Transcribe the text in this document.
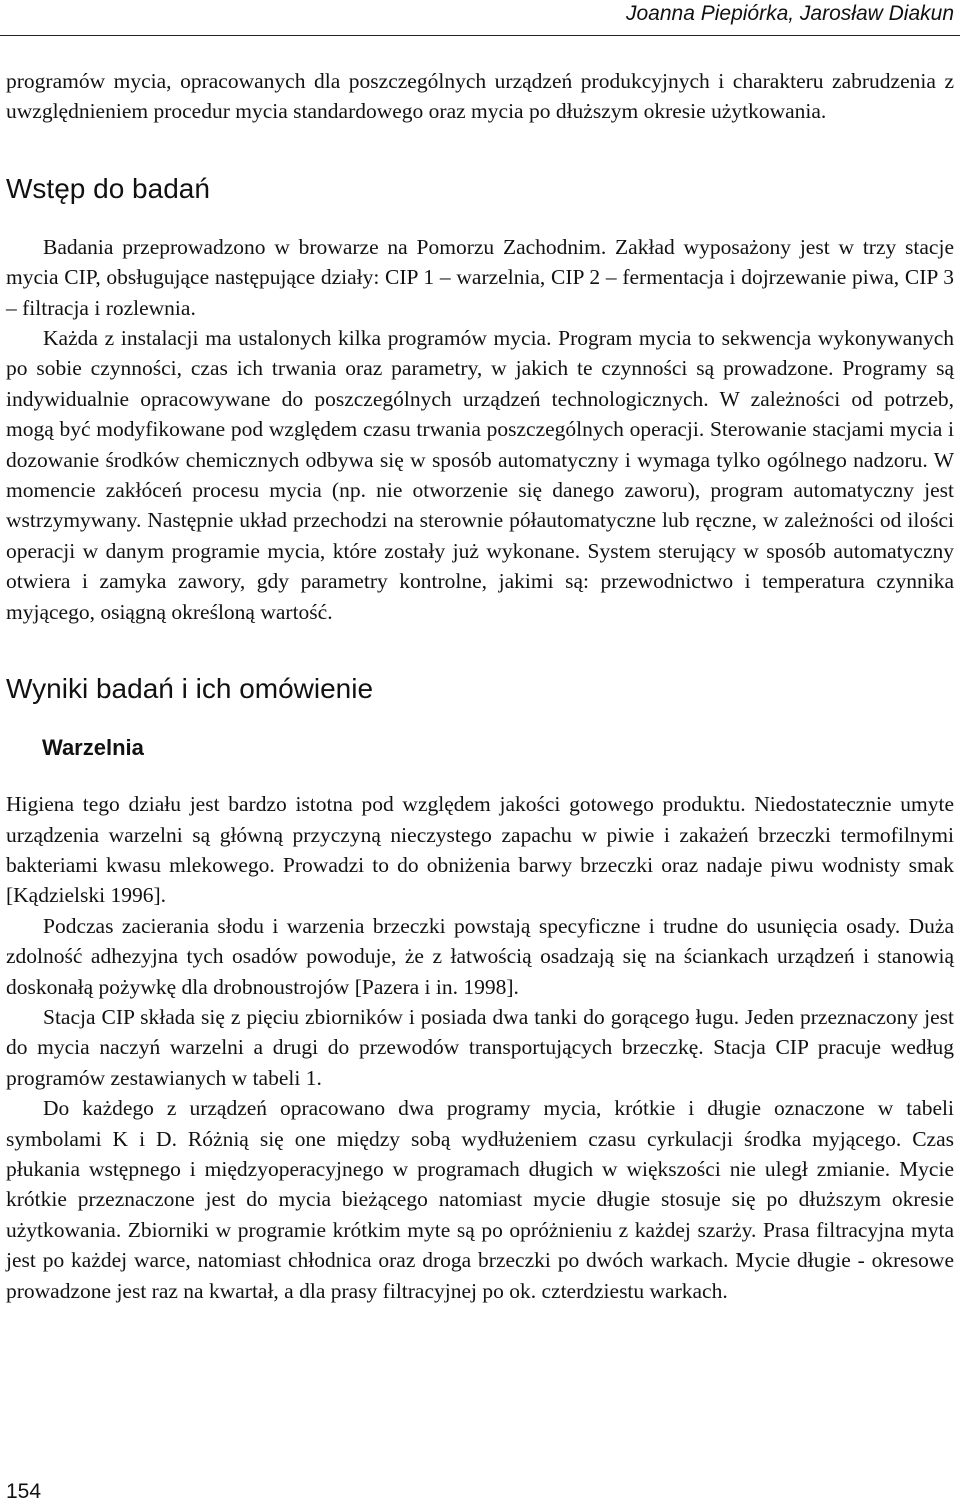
Joanna Piepiórka, Jarosław Diakun

programów mycia, opracowanych dla poszczególnych urządzeń produkcyjnych i charakteru zabrudzenia z uwzględnieniem procedur mycia standardowego oraz mycia po dłuższym okresie użytkowania.

Wstęp do badań

Badania przeprowadzono w browarze na Pomorzu Zachodnim. Zakład wyposażony jest w trzy stacje mycia CIP, obsługujące następujące działy: CIP 1 – warzelnia, CIP 2 – fermentacja i dojrzewanie piwa, CIP 3 – filtracja i rozlewnia.

Każda z instalacji ma ustalonych kilka programów mycia. Program mycia to sekwencja wykonywanych po sobie czynności, czas ich trwania oraz parametry, w jakich te czynności są prowadzone. Programy są indywidualnie opracowywane do poszczególnych urządzeń technologicznych. W zależności od potrzeb, mogą być modyfikowane pod względem czasu trwania poszczególnych operacji. Sterowanie stacjami mycia i dozowanie środków chemicznych odbywa się w sposób automatyczny i wymaga tylko ogólnego nadzoru. W momencie zakłóceń procesu mycia (np. nie otworzenie się danego zaworu), program automatyczny jest wstrzymywany. Następnie układ przechodzi na sterownie półautomatyczne lub ręczne, w zależności od ilości operacji w danym programie mycia, które zostały już wykonane. System sterujący w sposób automatyczny otwiera i zamyka zawory, gdy parametry kontrolne, jakimi są: przewodnictwo i temperatura czynnika myjącego, osiągną określoną wartość.

Wyniki badań i ich omówienie
Warzelnia

Higiena tego działu jest bardzo istotna pod względem jakości gotowego produktu. Niedostatecznie umyte urządzenia warzelni są główną przyczyną nieczystego zapachu w piwie i zakażeń brzeczki termofilnymi bakteriami kwasu mlekowego. Prowadzi to do obniżenia barwy brzeczki oraz nadaje piwu wodnisty smak [Kądzielski 1996].

Podczas zacierania słodu i warzenia brzeczki powstają specyficzne i trudne do usunięcia osady. Duża zdolność adhezyjna tych osadów powoduje, że z łatwością osadzają się na ściankach urządzeń i stanowią doskonałą pożywkę dla drobnoustrojów [Pazera i in. 1998].

Stacja CIP składa się z pięciu zbiorników i posiada dwa tanki do gorącego ługu. Jeden przeznaczony jest do mycia naczyń warzelni a drugi do przewodów transportujących brzeczkę. Stacja CIP pracuje według programów zestawianych w tabeli 1.

Do każdego z urządzeń opracowano dwa programy mycia, krótkie i długie oznaczone w tabeli symbolami K i D. Różnią się one między sobą wydłużeniem czasu cyrkulacji środka myjącego. Czas płukania wstępnego i międzyoperacyjnego w programach długich w większości nie uległ zmianie. Mycie krótkie przeznaczone jest do mycia bieżącego natomiast mycie długie stosuje się po dłuższym okresie użytkowania. Zbiorniki w programie krótkim myte są po opróżnieniu z każdej szarży. Prasa filtracyjna myta jest po każdej warce, natomiast chłodnica oraz droga brzeczki po dwóch warkach. Mycie długie - okresowe prowadzone jest raz na kwartał, a dla prasy filtracyjnej po ok. czterdziestu warkach.

154
